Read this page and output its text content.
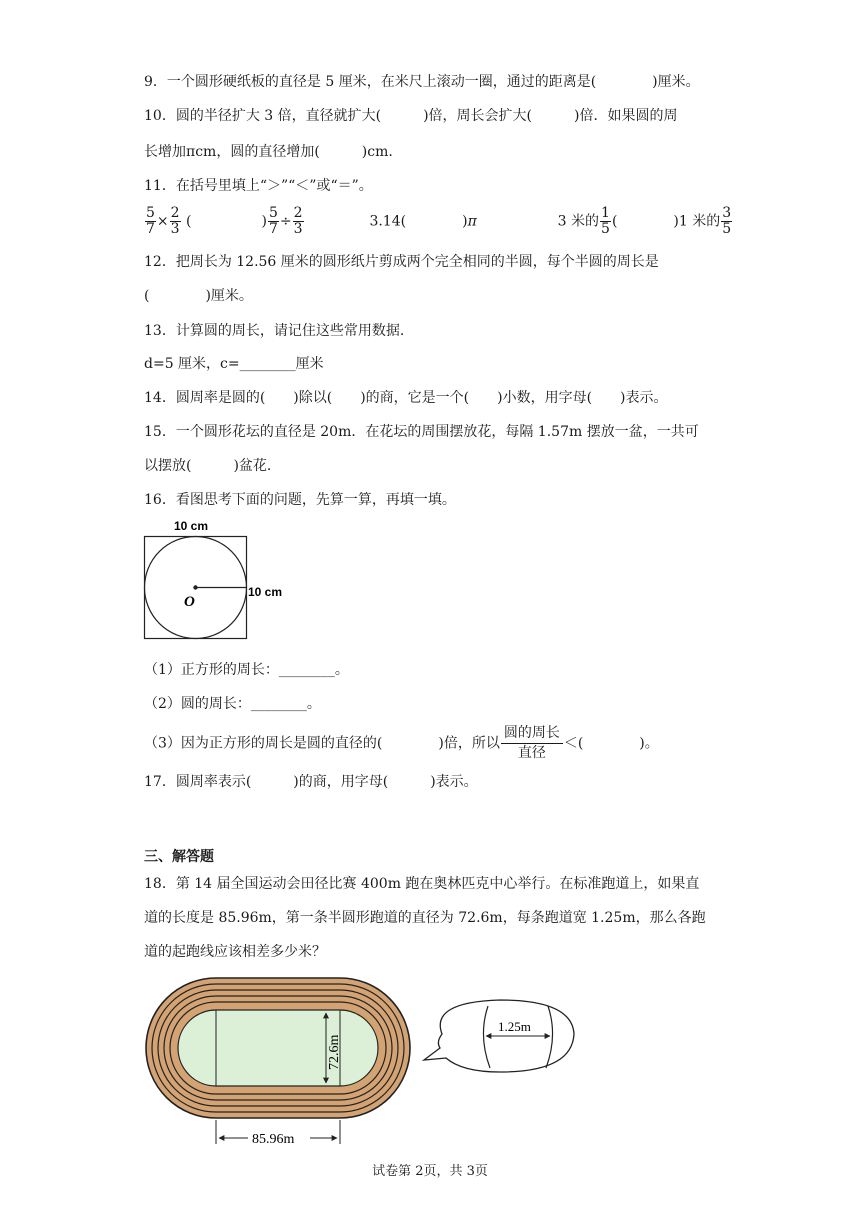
9．一个圆形硬纸板的直径是 5 厘米，在米尺上滚动一圈，通过的距离是(　　　　)厘米。
10．圆的半径扩大 3 倍，直径就扩大(　　　)倍，周长会扩大(　　　)倍．如果圆的周
长增加πcm，圆的直径增加(　　　)cm.
11．在括号里填上“＞”“＜”或“＝”。
$\frac{5}{7} \times \frac{2}{3}$ (　　　　　) $\frac{5}{7} \div \frac{2}{3}$	3.14(　　　　)π	3 米的 $\frac{1}{5}$ (　　　　)1 米的 $\frac{3}{5}$
12．把周长为 12.56 厘米的圆形纸片剪成两个完全相同的半圆，每个半圆的周长是
(　　　　)厘米。
13．计算圆的周长，请记住这些常用数据.
d=5 厘米，c=________厘米
14．圆周率是圆的(　　)除以(　　)的商，它是一个(　　)小数，用字母(　　)表示。
15．一个圆形花坛的直径是 20m．在花坛的周围摆放花，每隔 1.57m 摆放一盆，一共可
以摆放(　　　)盆花.
16．看图思考下面的问题，先算一算，再填一填。
10 cm
10 cm
O
（1）正方形的周长：________。
（2）圆的周长：________。
（3）因为正方形的周长是圆的直径的(　　　　)倍，所以 $\frac{\text{圆的周长}}{\text{直径}}$ ＜(　　　　)。
17．圆周率表示(　　　)的商，用字母(　　　)表示。
三、解答题
18．第 14 届全国运动会田径比赛 400m 跑在奥林匹克中心举行。在标准跑道上，如果直
道的长度是 85.96m，第一条半圆形跑道的直径为 72.6m，每条跑道宽 1.25m，那么各跑
道的起跑线应该相差多少米？
72.6m
85.96m
1.25m
试卷第 2页，共 3页
